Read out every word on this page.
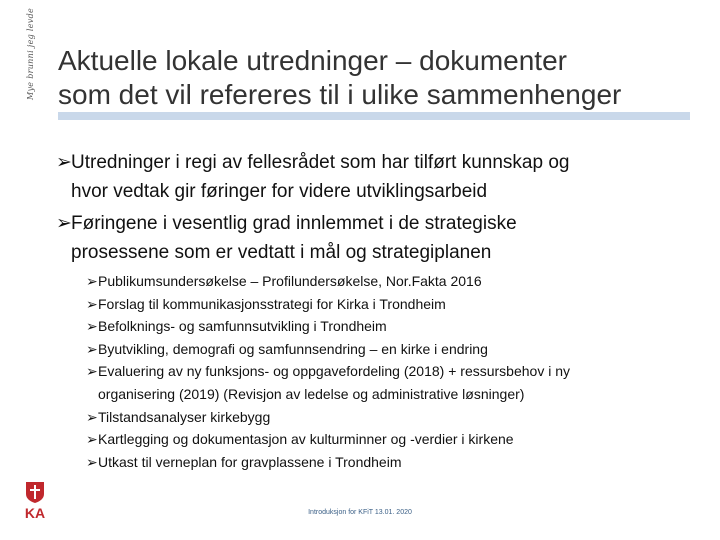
Mye brunni jeg levde Aktuelle lokale utredninger – dokumenter
som det vil refereres til i ulike sammenhenger
➢ Utredninger i regi av fellesrådet som har tilført kunnskap og
hvor vedtak gir føringer for videre utviklingsarbeid
➢ Føringene i vesentlig grad innlemmet i de strategiske
prosessene som er vedtatt i mål og strategiplanen
➢ Publikumsundersøkelse – Profilundersøkelse, Nor.Fakta 2016
➢ Forslag til kommunikasjonsstrategi for Kirka i Trondheim
➢ Befolknings- og samfunnsutvikling i Trondheim
➢ Byutvikling, demografi og samfunnsendring – en kirke i endring
➢ Evaluering av ny funksjons- og oppgavefordeling (2018) + ressursbehov i ny
organisering (2019) (Revisjon av ledelse og administrative løsninger)
➢ Tilstandsanalyser kirkebygg
➢ Kartlegging og dokumentasjon av kulturminner og -verdier i kirkene
➢ Utkast til verneplan for gravplassene i Trondheim
KA	Introduksjon for KFiT 13.01. 2020
